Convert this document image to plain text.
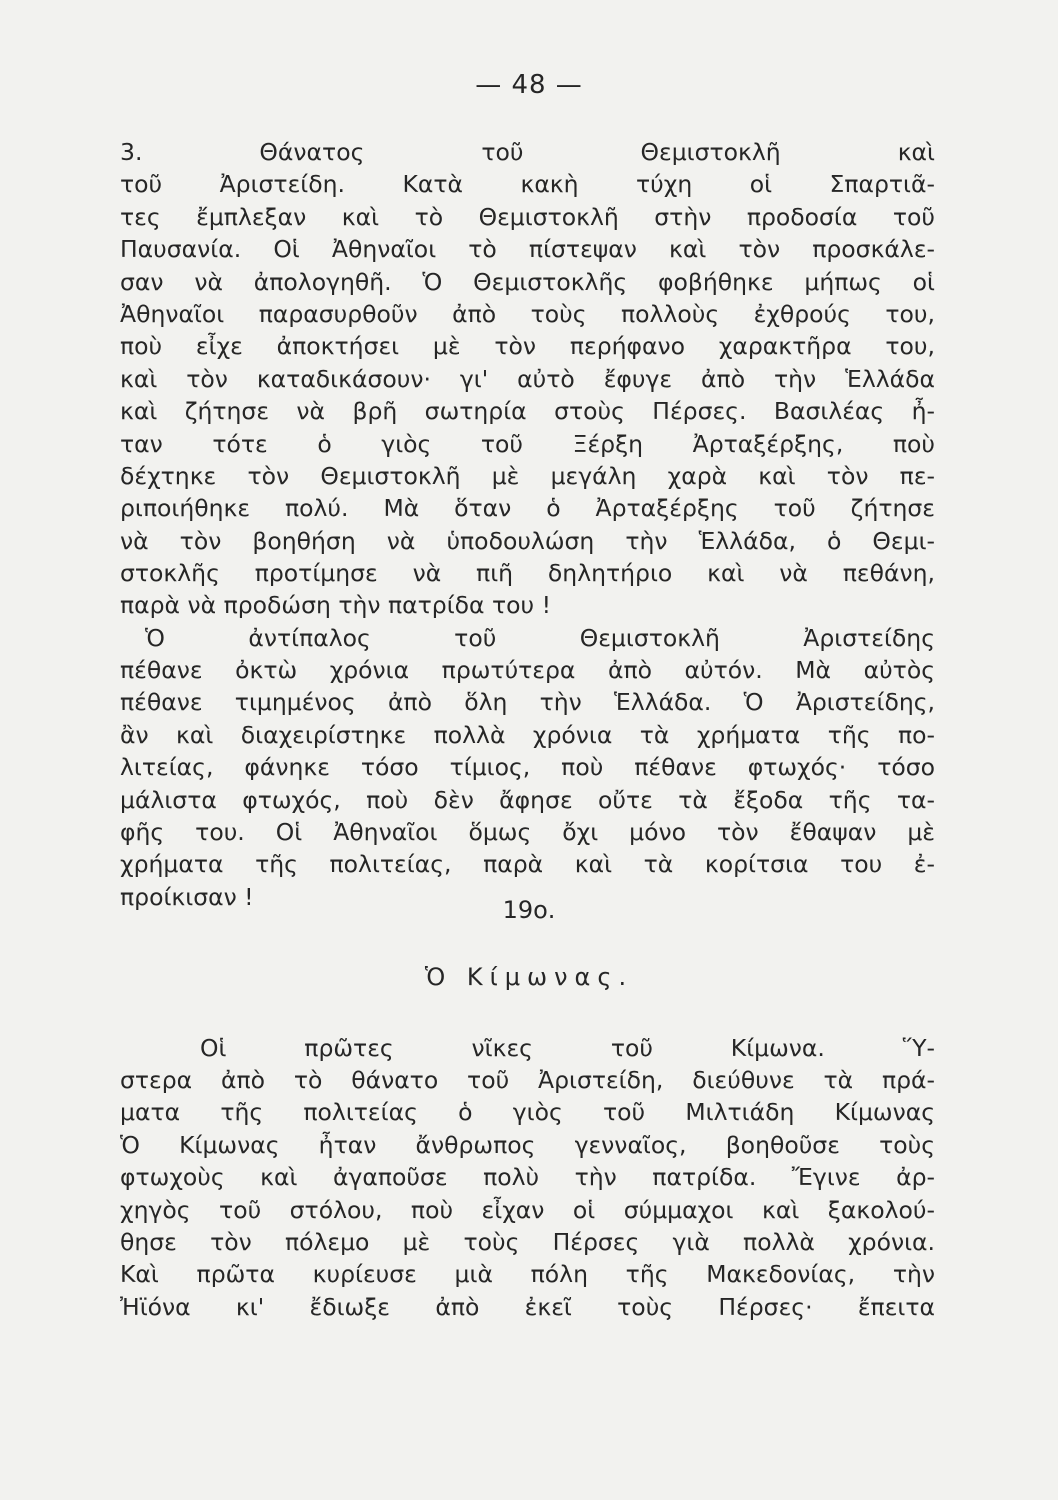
— 48 —
3. Θάνατος τοῦ Θεμιστοκλῆ καὶ
τοῦ Ἀριστείδη. Κατὰ κακὴ τύχη οἱ Σπαρτιᾶ-
τες ἔμπλεξαν καὶ τὸ Θεμιστοκλῆ στὴν προδοσία τοῦ
Παυσανία. Οἱ Ἀθηναῖοι τὸ πίστεψαν καὶ τὸν προσκάλε-
σαν νὰ ἀπολογηθῆ. Ὁ Θεμιστοκλῆς φοβήθηκε μήπως οἱ
Ἀθηναῖοι παρασυρθοῦν ἀπὸ τοὺς πολλοὺς ἐχθρούς του,
ποὺ εἶχε ἀποκτήσει μὲ τὸν περήφανο χαρακτῆρα του,
καὶ τὸν καταδικάσουν· γι' αὐτὸ ἔφυγε ἀπὸ τὴν Ἑλλάδα
καὶ ζήτησε νὰ βρῆ σωτηρία στοὺς Πέρσες. Βασιλέας ἦ-
ταν τότε ὁ γιὸς τοῦ Ξέρξη Ἀρταξέρξης, ποὺ
δέχτηκε τὸν Θεμιστοκλῆ μὲ μεγάλη χαρὰ καὶ τὸν πε-
ριποιήθηκε πολύ. Μὰ ὅταν ὁ Ἀρταξέρξης τοῦ ζήτησε
νὰ τὸν βοηθήση νὰ ὑποδουλώση τὴν Ἑλλάδα, ὁ Θεμι-
στοκλῆς προτίμησε νὰ πιῆ δηλητήριο καὶ νὰ πεθάνη,
παρὰ νὰ προδώση τὴν πατρίδα του !
Ὁ ἀντίπαλος τοῦ Θεμιστοκλῆ Ἀριστείδης
πέθανε ὀκτὼ χρόνια πρωτύτερα ἀπὸ αὐτόν. Μὰ αὐτὸς
πέθανε τιμημένος ἀπὸ ὅλη τὴν Ἑλλάδα. Ὁ Ἀριστείδης,
ἂν καὶ διαχειρίστηκε πολλὰ χρόνια τὰ χρήματα τῆς πο-
λιτείας, φάνηκε τόσο τίμιος, ποὺ πέθανε φτωχός· τόσο
μάλιστα φτωχός, ποὺ δὲν ἄφησε οὔτε τὰ ἔξοδα τῆς τα-
φῆς του. Οἱ Ἀθηναῖοι ὅμως ὄχι μόνο τὸν ἔθαψαν μὲ
χρήματα τῆς πολιτείας, παρὰ καὶ τὰ κορίτσια του ἐ-
προίκισαν !	19ο.
Ὁ Κίμωνας.
Οἱ πρῶτες νῖκες τοῦ Κίμωνα. Ὕ-
στερα ἀπὸ τὸ θάνατο τοῦ Ἀριστείδη, διεύθυνε τὰ πρά-
ματα τῆς πολιτείας ὁ γιὸς τοῦ Μιλτιάδη Κίμωνας
Ὁ Κίμωνας ἦταν ἄνθρωπος γενναῖος, βοηθοῦσε τοὺς
φτωχοὺς καὶ ἀγαποῦσε πολὺ τὴν πατρίδα. Ἔγινε ἀρ-
χηγὸς τοῦ στόλου, ποὺ εἶχαν οἱ σύμμαχοι καὶ ξακολού-
θησε τὸν πόλεμο μὲ τοὺς Πέρσες γιὰ πολλὰ χρόνια.
Καὶ πρῶτα κυρίευσε μιὰ πόλη τῆς Μακεδονίας, τὴν
Ἠϊόνα κι' ἔδιωξε ἀπὸ ἐκεῖ τοὺς Πέρσες· ἔπειτα
